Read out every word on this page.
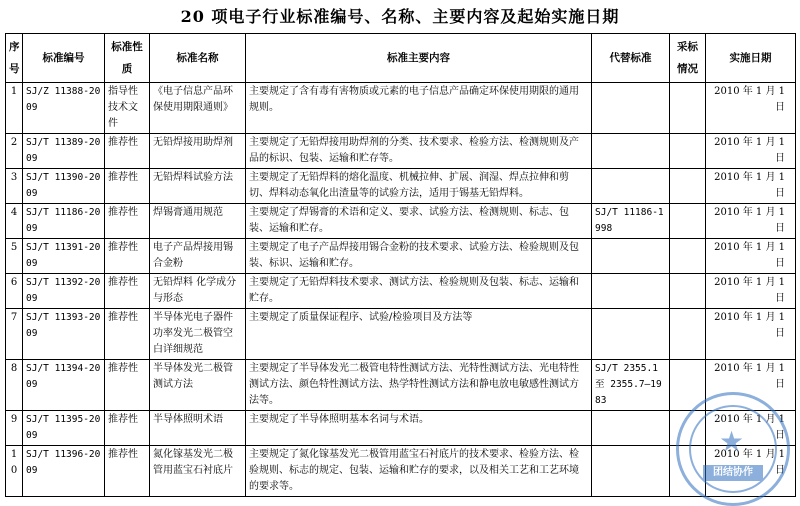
20 项电子行业标准编号、名称、主要内容及起始实施日期
序号	标准编号	标准性质	标准名称	标准主要内容	代替标准	采标情况	实施日期
1	SJ/Z 11388-2009	指导性技术文件	《电子信息产品环保使用期限通则》	主要规定了含有毒有害物质或元素的电子信息产品确定环保使用期限的通用规则。			2010 年 1 月 1 日
2	SJ/T 11389-2009	推荐性	无铅焊接用助焊剂	主要规定了无铅焊接用助焊剂的分类、技术要求、检验方法、检测规则及产品的标识、包装、运输和贮存等。			2010 年 1 月 1 日
3	SJ/T 11390-2009	推荐性	无铅焊料试验方法	主要规定了无铅焊料的熔化温度、机械拉伸、扩展、润湿、焊点拉伸和剪切、焊料动态氧化出渣量等的试验方法，适用于锡基无铅焊料。			2010 年 1 月 1 日
4	SJ/T 11186-2009	推荐性	焊锡膏通用规范	主要规定了焊锡膏的术语和定义、要求、试验方法、检测规则、标志、包装、运输和贮存。	SJ/T 11186-1998		2010 年 1 月 1 日
5	SJ/T 11391-2009	推荐性	电子产品焊接用锡合金粉	主要规定了电子产品焊接用锡合金粉的技术要求、试验方法、检验规则及包装、标识、运输和贮存。			2010 年 1 月 1 日
6	SJ/T 11392-2009	推荐性	无铅焊料 化学成分与形态	主要规定了无铅焊料技术要求、测试方法、检验规则及包装、标志、运输和贮存。			2010 年 1 月 1 日
7	SJ/T 11393-2009	推荐性	半导体光电子器件 功率发光二极管空白详细规范	主要规定了质量保证程序、试验/检验项目及方法等			2010 年 1 月 1 日
8	SJ/T 11394-2009	推荐性	半导体发光二极管测试方法	主要规定了半导体发光二极管电特性测试方法、光特性测试方法、光电特性测试方法、颜色特性测试方法、热学特性测试方法和静电放电敏感性测试方法等。	SJ/T 2355.1 至 2355.7—1983		2010 年 1 月 1 日
9	SJ/T 11395-2009	推荐性	半导体照明术语	主要规定了半导体照明基本名词与术语。			2010 年 1 月 1 日
10	SJ/T 11396-2009	推荐性	氮化镓基发光二极管用蓝宝石衬底片	主要规定了氮化镓基发光二极管用蓝宝石衬底片的技术要求、检验方法、检验规则、标志的规定、包装、运输和贮存的要求，以及相关工艺和工艺环境的要求等。			2010 年 1 月 1 日
★
团结协作
